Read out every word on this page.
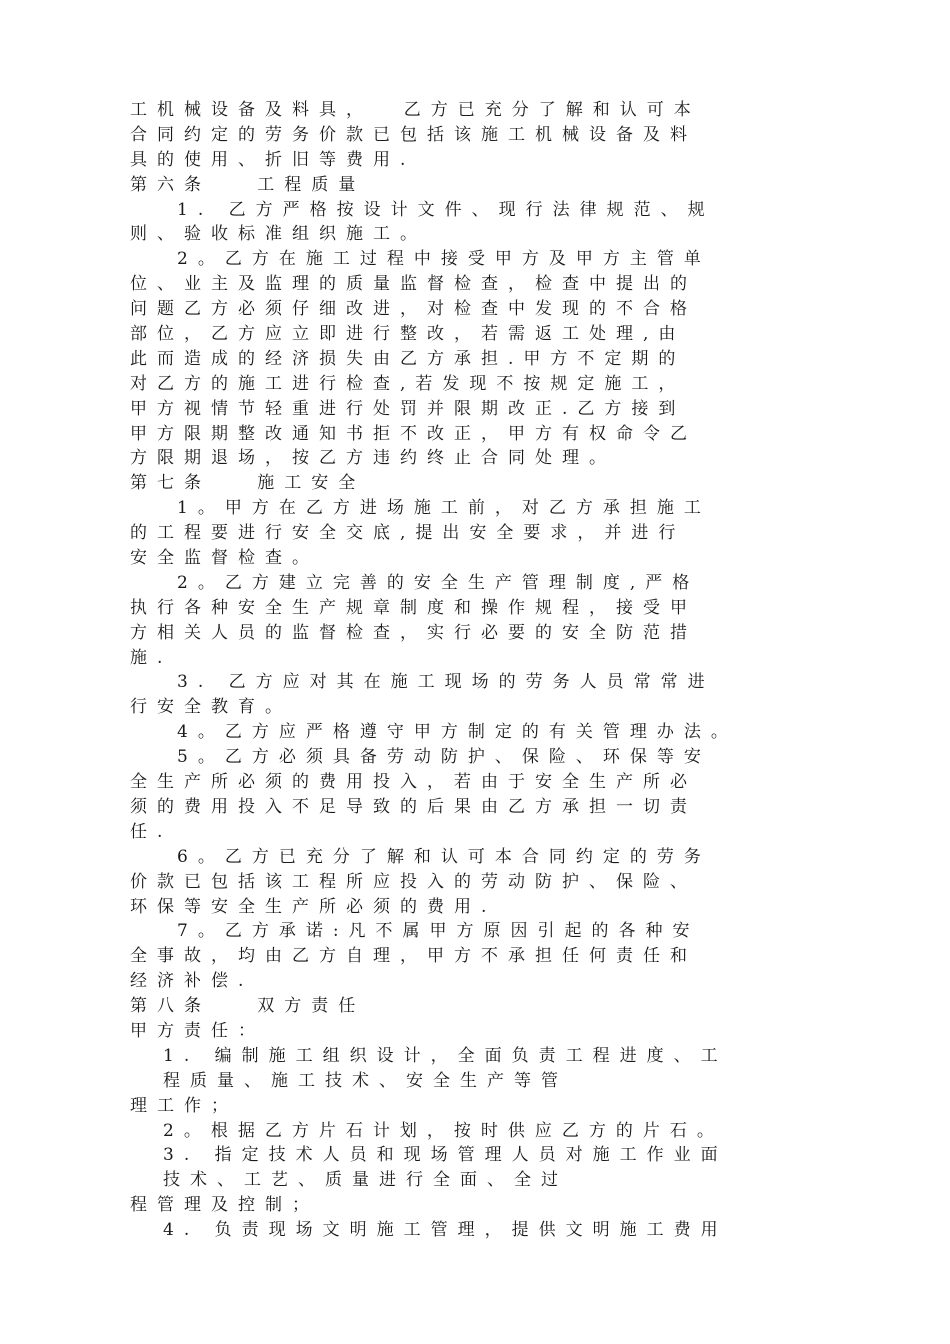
工机械设备及料具，  乙方已充分了解和认可本
合同约定的劳务价款已包括该施工机械设备及料
具的使用、折旧等费用.
第六条   工程质量
1. 乙方严格按设计文件、现行法律规范、规
则、验收标准组织施工。
2。乙方在施工过程中接受甲方及甲方主管单
位、业主及监理的质量监督检查，检查中提出的
问题乙方必须仔细改进，对检查中发现的不合格
部位，乙方应立即进行整改，若需返工处理,由
此而造成的经济损失由乙方承担.甲方不定期的
对乙方的施工进行检查,若发现不按规定施工，
甲方视情节轻重进行处罚并限期改正.乙方接到
甲方限期整改通知书拒不改正，甲方有权命令乙
方限期退场，按乙方违约终止合同处理。
第七条   施工安全
1。甲方在乙方进场施工前，对乙方承担施工
的工程要进行安全交底,提出安全要求，并进行
安全监督检查。
2。乙方建立完善的安全生产管理制度,严格
执行各种安全生产规章制度和操作规程，接受甲
方相关人员的监督检查，实行必要的安全防范措
施.
3. 乙方应对其在施工现场的劳务人员常常进
行安全教育。
4。乙方应严格遵守甲方制定的有关管理办法。
5。乙方必须具备劳动防护、保险、环保等安
全生产所必须的费用投入，若由于安全生产所必
须的费用投入不足导致的后果由乙方承担一切责
任.
6。乙方已充分了解和认可本合同约定的劳务
价款已包括该工程所应投入的劳动防护、保险、
环保等安全生产所必须的费用.
7。乙方承诺:凡不属甲方原因引起的各种安
全事故，均由乙方自理，甲方不承担任何责任和
经济补偿.
第八条   双方责任
甲方责任：
1. 编制施工组织设计，全面负责工程进度、工
程质量、施工技术、安全生产等管
理工作；
2。根据乙方片石计划，按时供应乙方的片石。
3. 指定技术人员和现场管理人员对施工作业面
技术、工艺、质量进行全面、全过
程管理及控制；
4. 负责现场文明施工管理，提供文明施工费用
